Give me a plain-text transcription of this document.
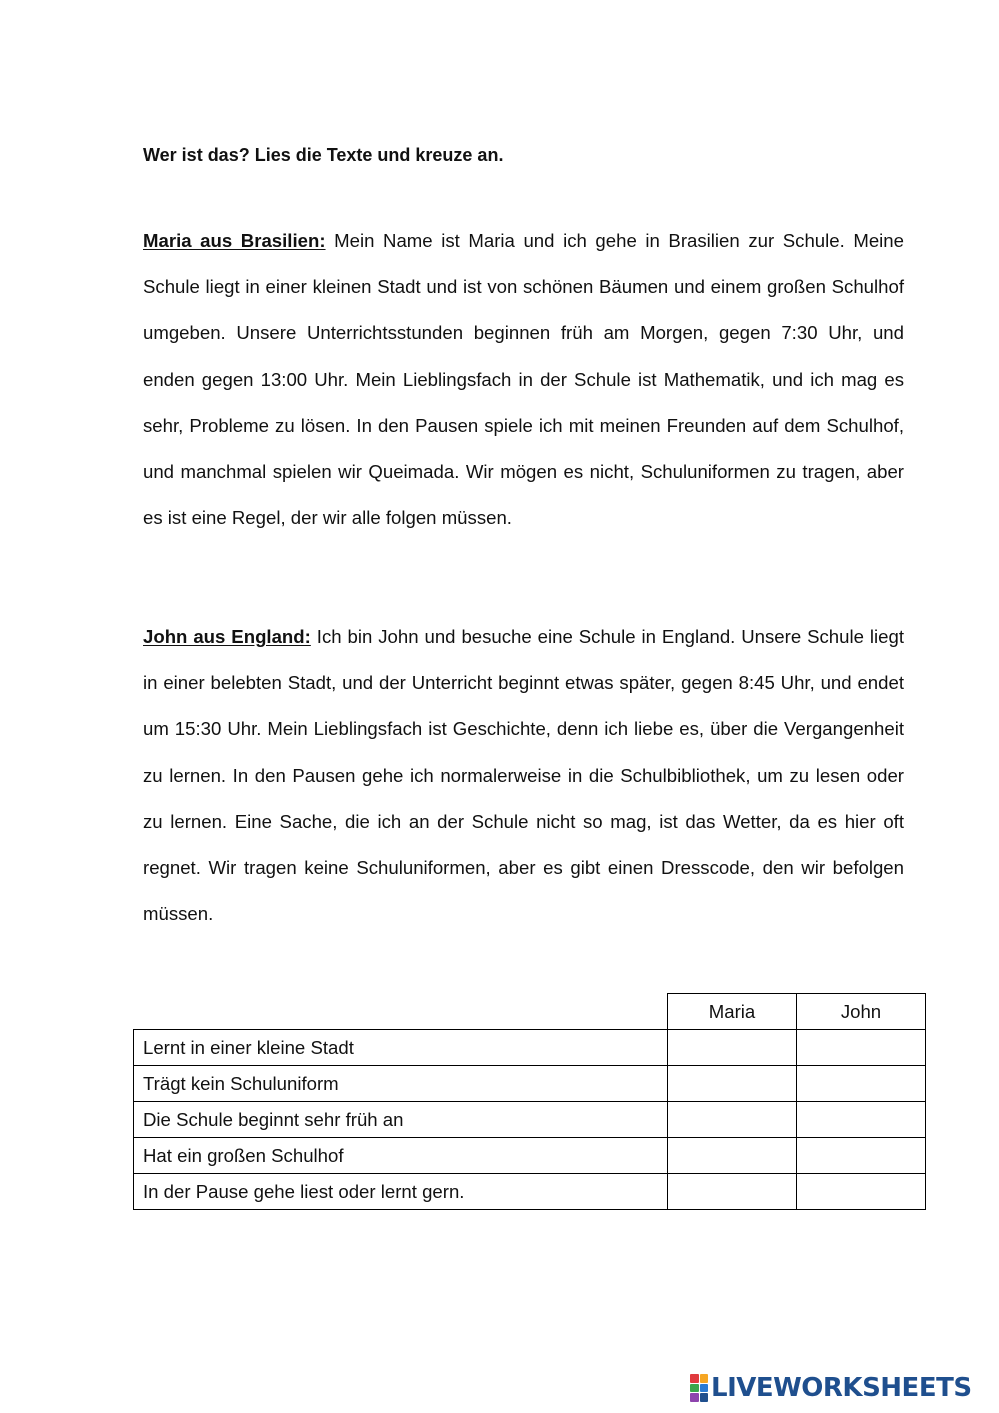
Wer ist das? Lies die Texte und kreuze an.

Maria aus Brasilien: Mein Name ist Maria und ich gehe in Brasilien zur Schule. Meine Schule liegt in einer kleinen Stadt und ist von schönen Bäumen und einem großen Schulhof umgeben. Unsere Unterrichtsstunden beginnen früh am Morgen, gegen 7:30 Uhr, und enden gegen 13:00 Uhr. Mein Lieblingsfach in der Schule ist Mathematik, und ich mag es sehr, Probleme zu lösen. In den Pausen spiele ich mit meinen Freunden auf dem Schulhof, und manchmal spielen wir Queimada. Wir mögen es nicht, Schuluniformen zu tragen, aber es ist eine Regel, der wir alle folgen müssen.

John aus England: Ich bin John und besuche eine Schule in England. Unsere Schule liegt in einer belebten Stadt, und der Unterricht beginnt etwas später, gegen 8:45 Uhr, und endet um 15:30 Uhr. Mein Lieblingsfach ist Geschichte, denn ich liebe es, über die Vergangenheit zu lernen. In den Pausen gehe ich normalerweise in die Schulbibliothek, um zu lesen oder zu lernen. Eine Sache, die ich an der Schule nicht so mag, ist das Wetter, da es hier oft regnet. Wir tragen keine Schuluniformen, aber es gibt einen Dresscode, den wir befolgen müssen.

	Maria	John
Lernt in einer kleine Stadt		
Trägt kein Schuluniform		
Die Schule beginnt sehr früh an		
Hat ein großen Schulhof		
In der Pause gehe liest oder lernt gern.		
LIVEWORKSHEETS
